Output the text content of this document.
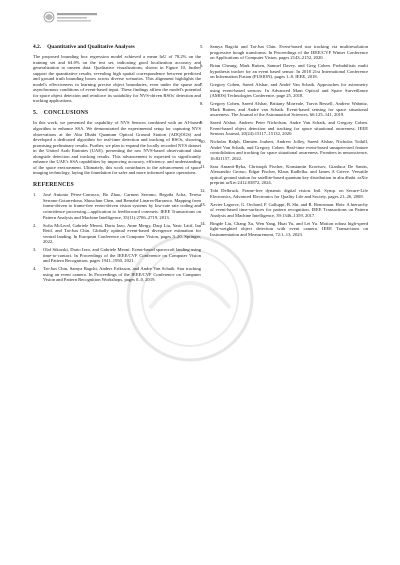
4.2. Quantitative and Qualitative Analyses

The proposed bounding box regression model achieved a mean IoU of 78.2% on the training set and 64.0% on the test set, indicating good localization accuracy and generalization to unseen data. Qualitative visualizations, shown in Figure 10, further support the quantitative results, revealing high spatial correspondence between predicted and ground truth bounding boxes across diverse scenarios. This alignment highlights the model's effectiveness in learning precise object boundaries, even under the sparse and asynchronous conditions of event-based input. These findings affirm the model's potential for space object detection and reinforce its suitability for NVS-driven RSOs' detection and tracking applications.

5. CONCLUSIONS

In this work, we presented the capability of NVS Sensors combined with an AI-based algorithm to enhance SSA. We demonstrated the experimental setup for capturing NVS observations at the Abu Dhabi Quantum Optical Ground Station (ADQOGS) and developed a dedicated algorithm for real-time detection and tracking of RSOs, showing promising preliminary results. Further, we plan to expand the locally recorded NVS dataset in the United Arab Emirates (UAE), presenting the raw NVS-based observational data alongside detection and tracking results. This advancement is expected to significantly enhance the UAE's SSA capabilities by improving accuracy, efficiency, and understanding of the space environment. Ultimately, this work contributes to the advancement of space imaging technology, laying the foundation for safer and more informed space operations.

REFERENCES
1. José Antonio Pérez-Carrasco, Bo Zhao, Carmen Serrano, Begoña Acha, Teresa Serrano-Gotarredona, Shouchun Chen, and Bernabé Linares-Barranco. Mapping from frame-driven to frame-free event-driven vision systems by low-rate rate coding and coincidence processing—application to feedforward convnets. IEEE Transactions on Pattern Analysis and Machine Intelligence, 35(11):2706–2719, 2013.
2. Sofia McLeod, Gabriele Meoni, Dario Izzo, Anne Mergy, Daqi Liu, Yasir Latif, Ian Reid, and Tat-Jun Chin. Globally optimal event-based divergence estimation for ventral landing. In European Conference on Computer Vision, pages 3–20. Springer, 2022.
3. Olaf Sikorski, Dario Izzo, and Gabriele Meoni. Event-based spacecraft landing using time-to-contact. In Proceedings of the IEEE/CVF Conference on Computer Vision and Pattern Recognition, pages 1941–1950, 2021.
4. Tat-Jun Chin, Samya Bagchi, Anders Eriksson, and Andre Van Schaik. Star tracking using an event camera. In Proceedings of the IEEE/CVF Conference on Computer Vision and Pattern Recognition Workshops, pages 0–0, 2019.
5. Samya Bagchi and Tat-Jun Chin. Event-based star tracking via multiresolution progressive hough transforms. In Proceedings of the IEEE/CVF Winter Conference on Applications of Computer Vision, pages 2143–2152, 2020.
6. Brian Cheung, Mark Rutten, Samuel Davey, and Greg Cohen. Probabilistic multi hypothesis tracker for an event based sensor. In 2018 21st International Conference on Information Fusion (FUSION), pages 1–8. IEEE, 2018.
7. Gregory Cohen, Saeed Afshar, and André Van Schaik. Approaches for astrometry using event-based sensors. In Advanced Maui Optical and Space Surveillance (AMOS) Technologies Conference, page 25, 2018.
8. Gregory Cohen, Saeed Afshar, Brittany Morreale, Travis Bessell, Andrew Wabnitz, Mark Rutten, and André van Schaik. Event-based sensing for space situational awareness. The Journal of the Astronautical Sciences, 66:125–141, 2019.
9. Saeed Afshar, Andrew Peter Nicholson, Andre Van Schaik, and Gregory Cohen. Event-based object detection and tracking for space situational awareness. IEEE Sensors Journal, 20(24):15117–15132, 2020.
10. Nicholas Ralph, Damien Joubert, Andrew Jolley, Saeed Afshar, Nicholas Tothill, André Van Schaik, and Gregory Cohen. Real-time event-based unsupervised feature consolidation and tracking for space situational awareness. Frontiers in neuroscience, 16:821157, 2022.
11. Sara Amanit-Ryka, Christoph Fischer, Konstantin Kravtsov, Gianluca De Santis, Alessandro Grosso, Edgar Fischer, Klaus Kadlelka, and James A Grieve. Versatile optical ground station for satellite-based quantum key distribution in abu dhabi. arXiv preprint arXiv:2412.03872, 2024.
12. Tobi Delbruck. Frame-free dynamic digital vision. Intl. Symp. on Secure-Life Electronics, Advanced Electronics for Quality Life and Society, pages 21–26, 2008.
13. Xavier Lagorce, G. Orchard, F. Galluppi, B. Shi, and R. Benosman. Hots: A hierarchy of event-based time-surfaces for pattern recognition. IEEE Transactions on Pattern Analysis and Machine Intelligence, 39:1346–1359, 2017.
14. Bingde Liu, Chang Xu, Wen Yang, Huai Yu, and Lei Yu. Motion robust high-speed light-weighted object detection with event camera. IEEE Transactions on Instrumentation and Measurement, 72:1–13, 2023.
